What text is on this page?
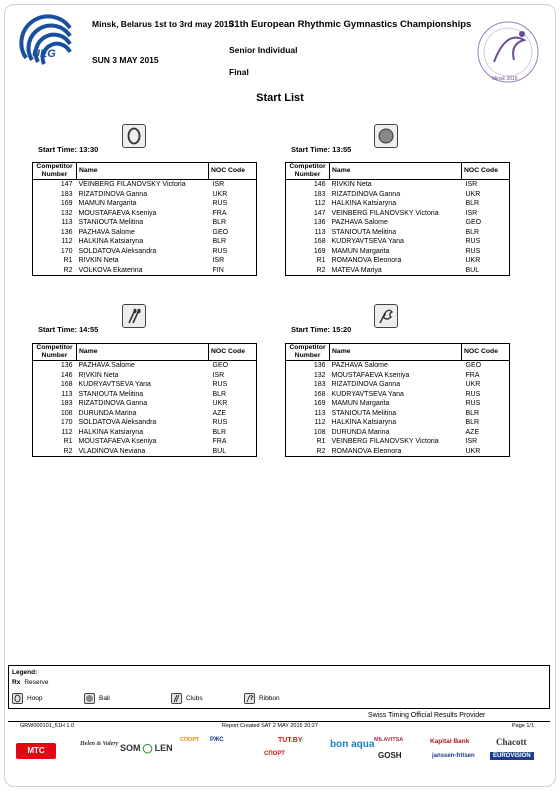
UEG
Minsk, Belarus 1st to 3rd may 2015
SUN 3 MAY 2015
31th European Rhythmic Gymnastics Championships
Senior Individual
Final
Minsk 2015
Start List
Start Time: 13:30
Competitor Number	Name	NOC Code
147	VEINBERG FILANOVSKY Victoria	ISR
183	RIZATDINOVA Ganna	UKR
169	MAMUN Margarita	RUS
132	MOUSTAFAEVA Kseniya	FRA
113	STANIOUTA Melitina	BLR
136	PAZHAVA Salome	GEO
112	HALKINA Katsiaryna	BLR
170	SOLDATOVA Aleksandra	RUS
R1	RIVKIN Neta	ISR
R2	VOLKOVA Ekaterina	FIN
Start Time: 13:55
Competitor Number	Name	NOC Code
146	RIVKIN Neta	ISR
183	RIZATDINOVA Ganna	UKR
112	HALKINA Katsiaryna	BLR
147	VEINBERG FILANOVSKY Victoria	ISR
136	PAZHAVA Salome	GEO
113	STANIOUTA Melitina	BLR
168	KUDRYAVTSEVA Yana	RUS
169	MAMUN Margarita	RUS
R1	ROMANOVA Eleonora	UKR
R2	MATEVA Mariya	BUL
Start Time: 14:55
Competitor Number	Name	NOC Code
136	PAZHAVA Salome	GEO
146	RIVKIN Neta	ISR
168	KUDRYAVTSEVA Yana	RUS
113	STANIOUTA Melitina	BLR
183	RIZATDINOVA Ganna	UKR
108	DURUNDA Marina	AZE
170	SOLDATOVA Aleksandra	RUS
112	HALKINA Katsiaryna	BLR
R1	MOUSTAFAEVA Kseniya	FRA
R2	VLADINOVA Neviana	BUL
Start Time: 15:20
Competitor Number	Name	NOC Code
136	PAZHAVA Salome	GEO
132	MOUSTAFAEVA Kseniya	FRA
183	RIZATDINOVA Ganna	UKR
168	KUDRYAVTSEVA Yana	RUS
169	MAMUN Margarita	RUS
113	STANIOUTA Melitina	BLR
112	HALKINA Katsiaryna	BLR
108	DURUNDA Marina	AZE
R1	VEINBERG FILANOVSKY Victoria	ISR
R2	ROMANOVA Eleonora	UKR
Legend:
Rx Reserve
Hoop	Ball	Clubs	Ribbon
Swiss Timing Official Results Provider
GRW000101_51H 1.0	Report Created SAT 2 MAY 2015 20:27	Page 1/1
МТС
Helen & Valery SOM ◯ LEN
СПОРТ РЖС	TUT.BY
СПОРТ
bon aqua MILAVITSA
GOSH
Kapital Bank
janssen-fritsen
Chacott
EUROVISION
